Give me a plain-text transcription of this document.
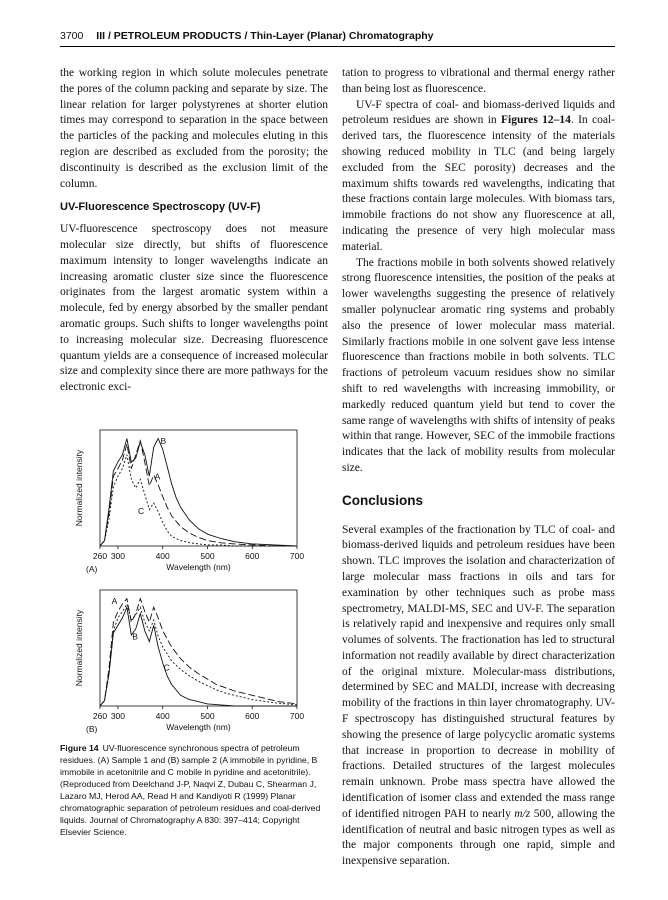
3700 III / PETROLEUM PRODUCTS / Thin-Layer (Planar) Chromatography

the working region in which solute molecules penetrate the pores of the column packing and separate by size. The linear relation for larger polystyrenes at shorter elution times may correspond to separation in the space between the particles of the packing and molecules eluting in this region are described as excluded from the porosity; the discontinuity is described as the exclusion limit of the column.

UV-Fluorescence Spectroscopy (UV-F)

UV-fluorescence spectroscopy does not measure molecular size directly, but shifts of fluorescence maximum intensity to longer wavelengths indicate an increasing aromatic cluster size since the fluorescence originates from the largest aromatic system within a molecule, fed by energy absorbed by the smaller pendant aromatic groups. Such shifts to longer wavelengths point to increasing molecular size. Decreasing fluorescence quantum yields are a consequence of increased molecular size and complexity since there are more pathways for the electronic exci-

260 300	400	500	600	700
Wavelength (nm)
Normalized intensity
(A)
B
A
C
260 300	400	500	600	700
Wavelength (nm)
Normalized intensity
(B)
A
B
C
Figure 14 UV-fluorescence synchronous spectra of petroleum residues. (A) Sample 1 and (B) sample 2 (A immobile in pyridine, B immobile in acetonitrile and C mobile in pyridine and acetonitrile). (Reproduced from Deelchand J-P, Naqvi Z, Dubau C, Shearman J, Lazaro MJ, Herod AA, Read H and Kandiyoti R (1999) Planar chromatographic separation of petroleum residues and coal-derived liquids. Journal of Chromatography A 830: 397–414; Copyright Elsevier Science.

tation to progress to vibrational and thermal energy rather than being lost as fluorescence.

UV-F spectra of coal- and biomass-derived liquids and petroleum residues are shown in Figures 12–14. In coal-derived tars, the fluorescence intensity of the materials showing reduced mobility in TLC (and being largely excluded from the SEC porosity) decreases and the maximum shifts towards red wavelengths, indicating that these fractions contain large molecules. With biomass tars, immobile fractions do not show any fluorescence at all, indicating the presence of very high molecular mass material.

The fractions mobile in both solvents showed relatively strong fluorescence intensities, the position of the peaks at lower wavelengths suggesting the presence of relatively smaller polynuclear aromatic ring systems and probably also the presence of lower molecular mass material. Similarly fractions mobile in one solvent gave less intense fluorescence than fractions mobile in both solvents. TLC fractions of petroleum vacuum residues show no similar shift to red wavelengths with increasing immobility, or markedly reduced quantum yield but tend to cover the same range of wavelengths with shifts of intensity of peaks within that range. However, SEC of the immobile fractions indicates that the lack of mobility results from molecular size.

Conclusions

Several examples of the fractionation by TLC of coal- and biomass-derived liquids and petroleum residues have been shown. TLC improves the isolation and characterization of large molecular mass fractions in oils and tars for examination by other techniques such as probe mass spectrometry, MALDI-MS, SEC and UV-F. The separation is relatively rapid and inexpensive and requires only small volumes of solvents. The fractionation has led to structural information not readily available by direct characterization of the original mixture. Molecular-mass distributions, determined by SEC and MALDI, increase with decreasing mobility of the fractions in thin layer chromatography. UV-F spectroscopy has distinguished structural features by showing the presence of large polycyclic aromatic systems that increase in proportion to decrease in mobility of fractions. Detailed structures of the largest molecules remain unknown. Probe mass spectra have allowed the identification of isomer class and extended the mass range of identified nitrogen PAH to nearly m/z 500, allowing the identification of neutral and basic nitrogen types as well as the major components through one rapid, simple and inexpensive separation.
